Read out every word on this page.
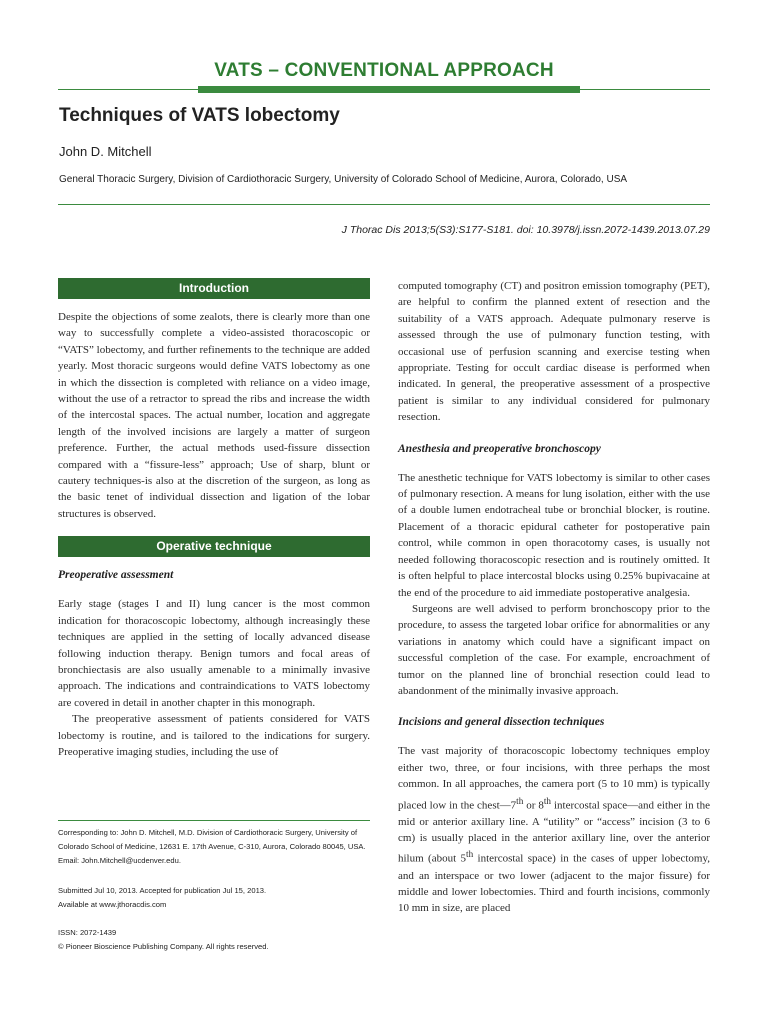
VATS – CONVENTIONAL APPROACH
Techniques of VATS lobectomy
John D. Mitchell
General Thoracic Surgery, Division of Cardiothoracic Surgery, University of Colorado School of Medicine, Aurora, Colorado, USA
J Thorac Dis 2013;5(S3):S177-S181. doi: 10.3978/j.issn.2072-1439.2013.07.29
Introduction

Despite the objections of some zealots, there is clearly more than one way to successfully complete a video-assisted thoracoscopic or “VATS” lobectomy, and further refinements to the technique are added yearly. Most thoracic surgeons would define VATS lobectomy as one in which the dissection is completed with reliance on a video image, without the use of a retractor to spread the ribs and increase the width of the intercostal spaces. The actual number, location and aggregate length of the involved incisions are largely a matter of surgeon preference. Further, the actual methods used-fissure dissection compared with a “fissure-less” approach; Use of sharp, blunt or cautery techniques-is also at the discretion of the surgeon, as long as the basic tenet of individual dissection and ligation of the lobar structures is observed.

Operative technique

Preoperative assessment

Early stage (stages I and II) lung cancer is the most common indication for thoracoscopic lobectomy, although increasingly these techniques are applied in the setting of locally advanced disease following induction therapy. Benign tumors and focal areas of bronchiectasis are also usually amenable to a minimally invasive approach. The indications and contraindications to VATS lobectomy are covered in detail in another chapter in this monograph.

The preoperative assessment of patients considered for VATS lobectomy is routine, and is tailored to the indications for surgery. Preoperative imaging studies, including the use of

Corresponding to: John D. Mitchell, M.D. Division of Cardiothoracic Surgery, University of Colorado School of Medicine, 12631 E. 17th Avenue, C-310, Aurora, Colorado 80045, USA. Email: John.Mitchell@ucdenver.edu.

Submitted Jul 10, 2013. Accepted for publication Jul 15, 2013.

Available at www.jthoracdis.com

ISSN: 2072-1439

© Pioneer Bioscience Publishing Company. All rights reserved.

computed tomography (CT) and positron emission tomography (PET), are helpful to confirm the planned extent of resection and the suitability of a VATS approach. Adequate pulmonary reserve is assessed through the use of pulmonary function testing, with occasional use of perfusion scanning and exercise testing when appropriate. Testing for occult cardiac disease is performed when indicated. In general, the preoperative assessment of a prospective patient is similar to any individual considered for pulmonary resection.

Anesthesia and preoperative bronchoscopy

The anesthetic technique for VATS lobectomy is similar to other cases of pulmonary resection. A means for lung isolation, either with the use of a double lumen endotracheal tube or bronchial blocker, is routine. Placement of a thoracic epidural catheter for postoperative pain control, while common in open thoracotomy cases, is usually not needed following thoracoscopic resection and is routinely omitted. It is often helpful to place intercostal blocks using 0.25% bupivacaine at the end of the procedure to aid immediate postoperative analgesia.

Surgeons are well advised to perform bronchoscopy prior to the procedure, to assess the targeted lobar orifice for abnormalities or any variations in anatomy which could have a significant impact on successful completion of the case. For example, encroachment of tumor on the planned line of bronchial resection could lead to abandonment of the minimally invasive approach.

Incisions and general dissection techniques

The vast majority of thoracoscopic lobectomy techniques employ either two, three, or four incisions, with three perhaps the most common. In all approaches, the camera port (5 to 10 mm) is typically placed low in the chest—7th or 8th intercostal space—and either in the mid or anterior axillary line. A “utility” or “access” incision (3 to 6 cm) is usually placed in the anterior axillary line, over the anterior hilum (about 5th intercostal space) in the cases of upper lobectomy, and an interspace or two lower (adjacent to the major fissure) for middle and lower lobectomies. Third and fourth incisions, commonly 10 mm in size, are placed
